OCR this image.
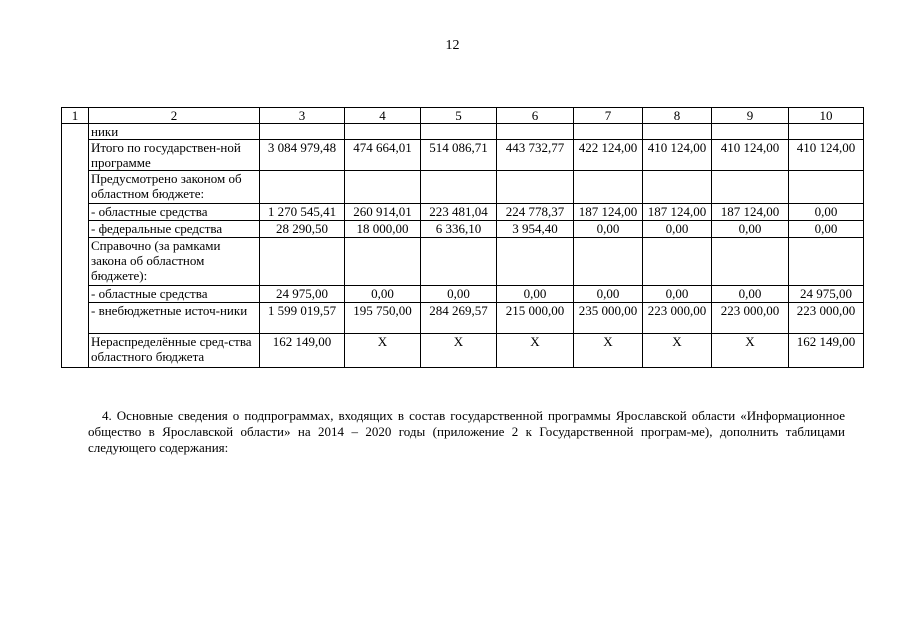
12
1	2	3	4	5	6	7	8	9	10
	ники								
	Итого по государствен-ной программе	3 084 979,48	474 664,01	514 086,71	443 732,77	422 124,00	410 124,00	410 124,00	410 124,00
	Предусмотрено законом об областном бюджете:								
	- областные средства	1 270 545,41	260 914,01	223 481,04	224 778,37	187 124,00	187 124,00	187 124,00	0,00
	- федеральные средства	28 290,50	18 000,00	6 336,10	3 954,40	0,00	0,00	0,00	0,00
	Справочно (за рамками закона об областном бюджете):								
	- областные средства	24 975,00	0,00	0,00	0,00	0,00	0,00	0,00	24 975,00
	- внебюджетные источ-ники	1 599 019,57	195 750,00	284 269,57	215 000,00	235 000,00	223 000,00	223 000,00	223 000,00
	Нераспределённые сред-ства областного бюджета	162 149,00	X	X	X	X	X	X	162 149,00
4. Основные сведения о подпрограммах, входящих в состав государственной программы Ярославской области «Информационное общество в Ярославской области» на 2014 – 2020 годы (приложение 2 к Государственной програм-ме), дополнить таблицами следующего содержания:
